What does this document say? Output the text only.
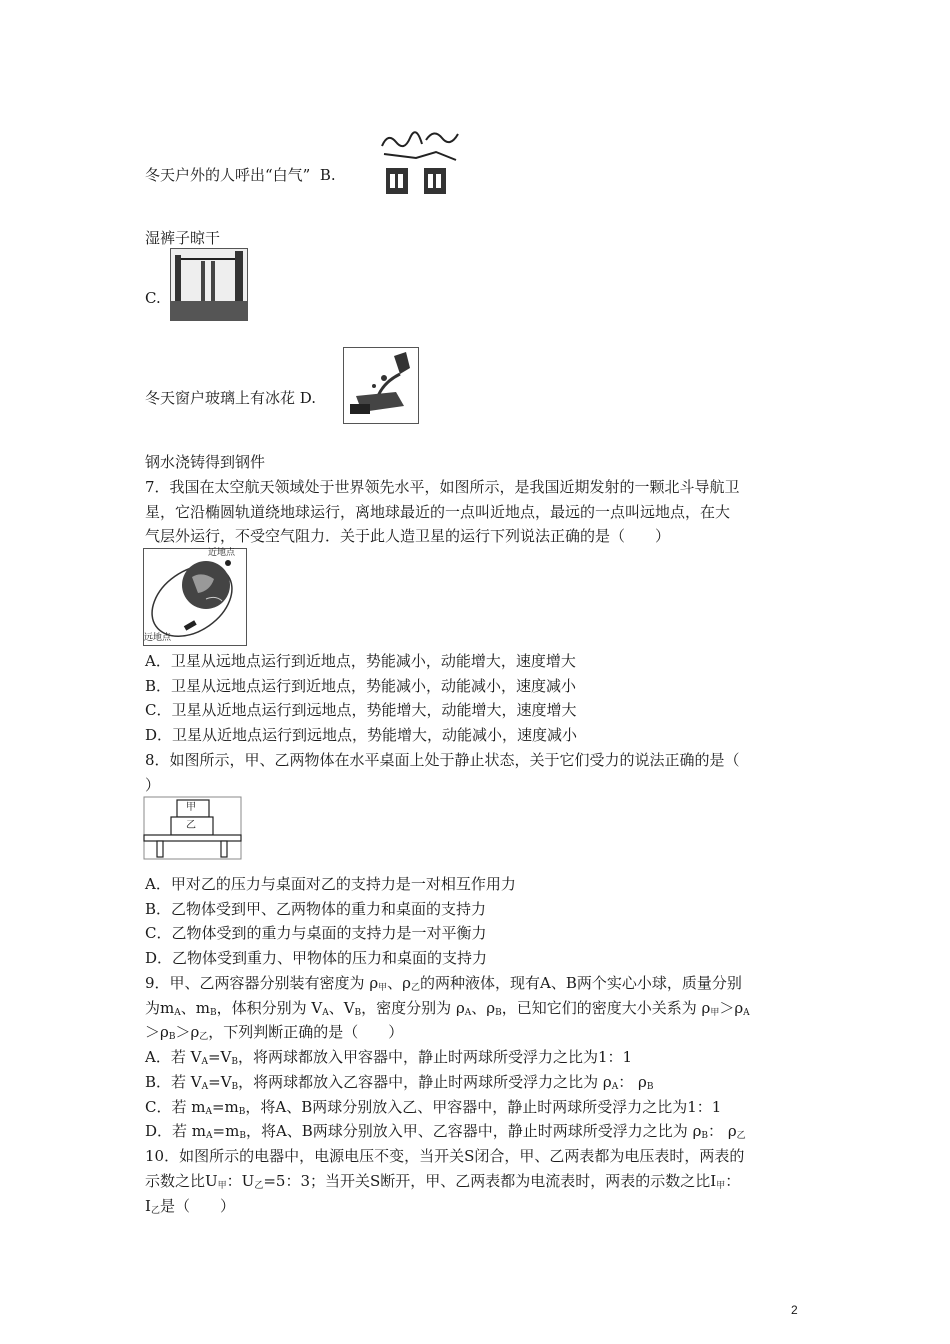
冬天户外的人呼出“白气” B.
湿裤子晾干
C.
冬天窗户玻璃上有冰花 D.
钢水浇铸得到钢件
7．我国在太空航天领域处于世界领先水平，如图所示，是我国近期发射的一颗北斗导航卫
星，它沿椭圆轨道绕地球运行，离地球最近的一点叫近地点，最远的一点叫远地点，在大
气层外运行，不受空气阻力．关于此人造卫星的运行下列说法正确的是（　　）
近地点
远地点
A．卫星从远地点运行到近地点，势能减小，动能增大，速度增大
B．卫星从远地点运行到近地点，势能减小，动能减小，速度减小
C．卫星从近地点运行到远地点，势能增大，动能增大，速度增大
D．卫星从近地点运行到远地点，势能增大，动能减小，速度减小
8．如图所示，甲、乙两物体在水平桌面上处于静止状态，关于它们受力的说法正确的是（
）
甲
乙
A．甲对乙的压力与桌面对乙的支持力是一对相互作用力
B．乙物体受到甲、乙两物体的重力和桌面的支持力
C．乙物体受到的重力与桌面的支持力是一对平衡力
D．乙物体受到重力、甲物体的压力和桌面的支持力
9．甲、乙两容器分别装有密度为 $\rho_甲$、$\rho_乙$的两种液体，现有A、B两个实心小球，质量分别
为$m_A$、$m_B$，体积分别为 $V_A$、$V_B$，密度分别为 $\rho_A$、$\rho_B$，已知它们的密度大小关系为 $\rho_甲>\rho_A$
$>\rho_B>\rho_乙$，下列判断正确的是（　　）
A．若 $V_A=V_B$，将两球都放入甲容器中，静止时两球所受浮力之比为1：1
B．若 $V_A=V_B$，将两球都放入乙容器中，静止时两球所受浮力之比为 $\rho_A$： $\rho_B$
C．若 $m_A=m_B$，将A、B两球分别放入乙、甲容器中，静止时两球所受浮力之比为1：1
D．若 $m_A=m_B$，将A、B两球分别放入甲、乙容器中，静止时两球所受浮力之比为 $\rho_B$： $\rho_乙$
10．如图所示的电器中，电源电压不变，当开关S闭合，甲、乙两表都为电压表时，两表的
示数之比$U_甲$：$U_乙=5$：3；当开关S断开，甲、乙两表都为电流表时，两表的示数之比$Ⅰ_甲$：
$Ⅰ_乙$是（　　）
2
